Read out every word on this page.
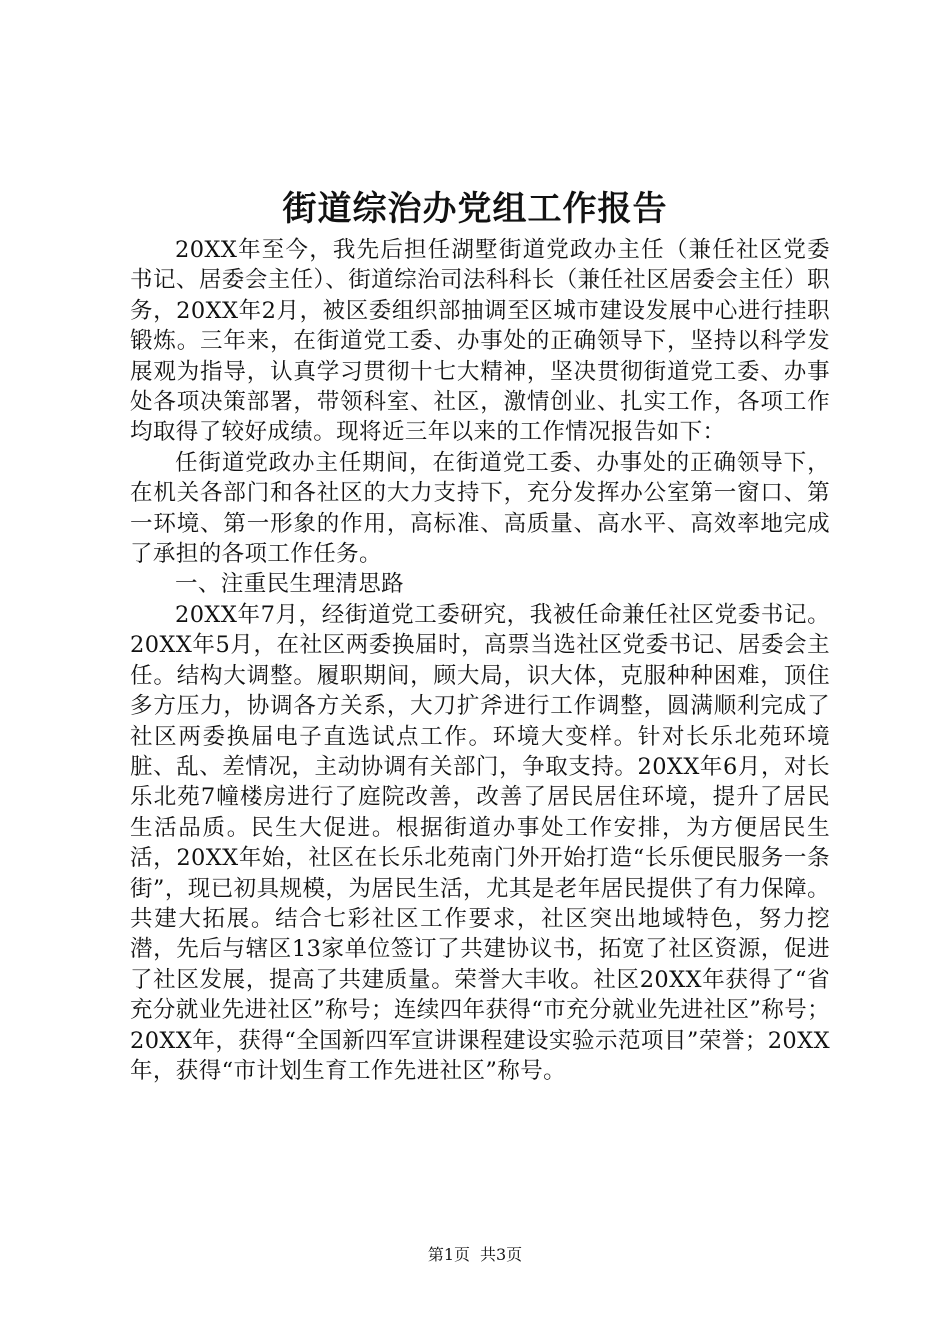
街道综治办党组工作报告

20XX年至今，我先后担任湖墅街道党政办主任（兼任社区党委书记、居委会主任）、街道综治司法科科长（兼任社区居委会主任）职务，20XX年2月，被区委组织部抽调至区城市建设发展中心进行挂职锻炼。三年来，在街道党工委、办事处的正确领导下，坚持以科学发展观为指导，认真学习贯彻十七大精神，坚决贯彻街道党工委、办事处各项决策部署，带领科室、社区，激情创业、扎实工作，各项工作均取得了较好成绩。现将近三年以来的工作情况报告如下：

任街道党政办主任期间，在街道党工委、办事处的正确领导下，在机关各部门和各社区的大力支持下，充分发挥办公室第一窗口、第一环境、第一形象的作用，高标准、高质量、高水平、高效率地完成了承担的各项工作任务。

一、注重民生理清思路

20XX年7月，经街道党工委研究，我被任命兼任社区党委书记。20XX年5月，在社区两委换届时，高票当选社区党委书记、居委会主任。结构大调整。履职期间，顾大局，识大体，克服种种困难，顶住多方压力，协调各方关系，大刀扩斧进行工作调整，圆满顺利完成了社区两委换届电子直选试点工作。环境大变样。针对长乐北苑环境脏、乱、差情况，主动协调有关部门，争取支持。20XX年6月，对长乐北苑7幢楼房进行了庭院改善，改善了居民居住环境，提升了居民生活品质。民生大促进。根据街道办事处工作安排，为方便居民生活，20XX年始，社区在长乐北苑南门外开始打造“长乐便民服务一条街”，现已初具规模，为居民生活，尤其是老年居民提供了有力保障。共建大拓展。结合七彩社区工作要求，社区突出地域特色，努力挖潜，先后与辖区13家单位签订了共建协议书，拓宽了社区资源，促进了社区发展，提高了共建质量。荣誉大丰收。社区20XX年获得了“省充分就业先进社区”称号；连续四年获得“市充分就业先进社区”称号；20XX年，获得“全国新四军宣讲课程建设实验示范项目”荣誉；20XX年，获得“市计划生育工作先进社区”称号。

第1页 共3页
